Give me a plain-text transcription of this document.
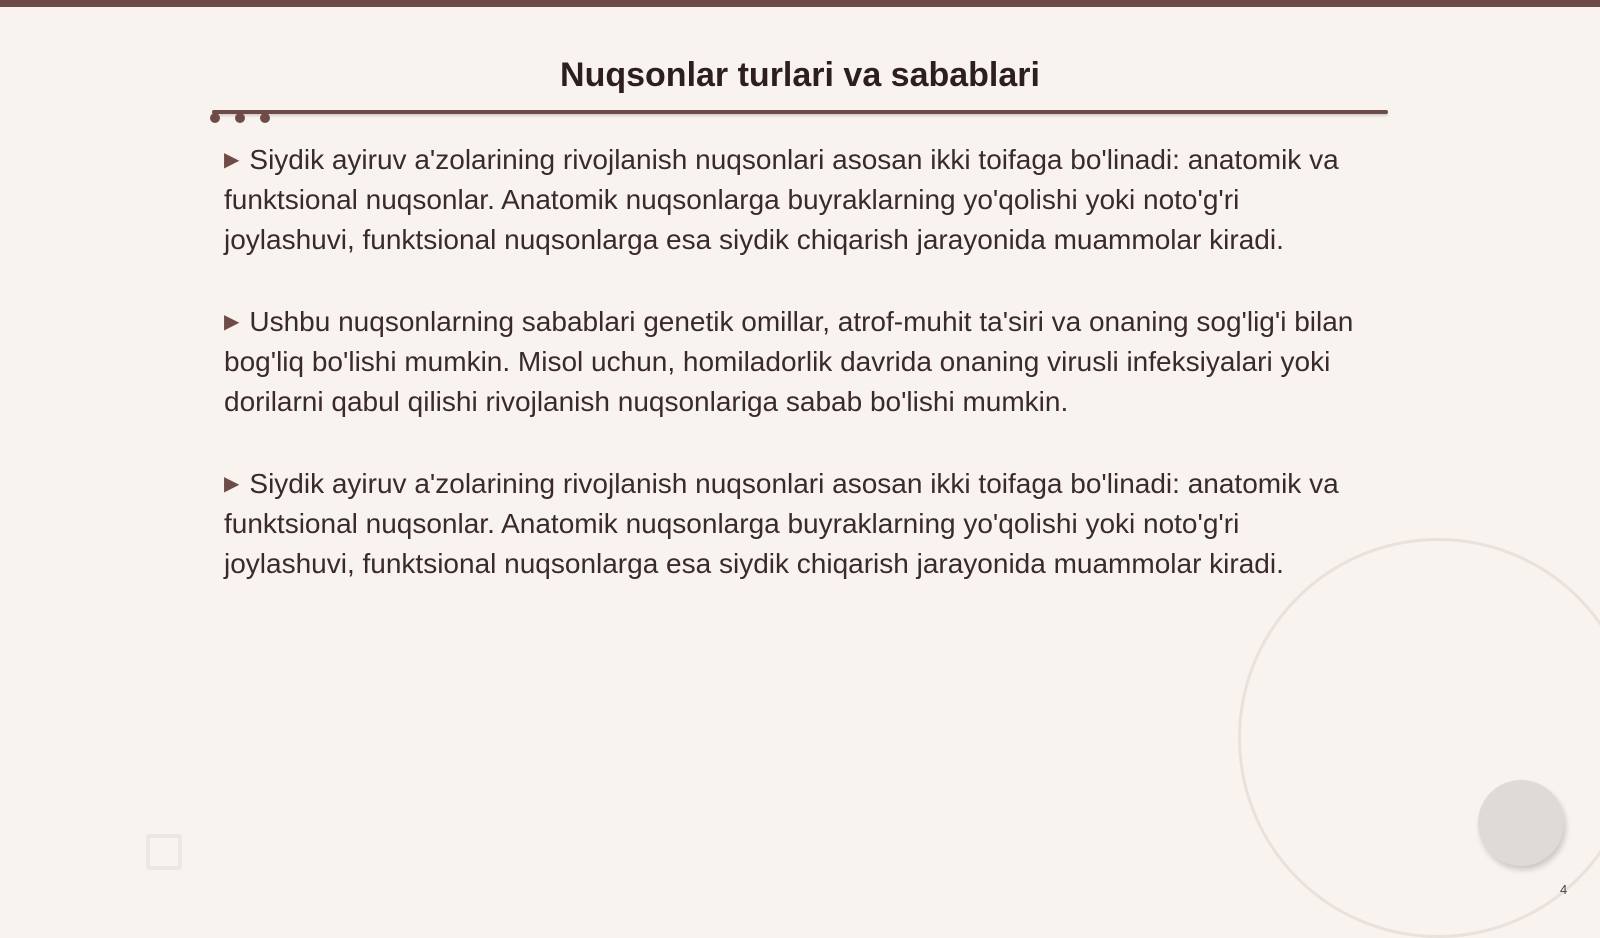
Nuqsonlar turlari va sabablari

▶ Siydik ayiruv a'zolarining rivojlanish nuqsonlari asosan ikki toifaga bo'linadi: anatomik va funktsional nuqsonlar. Anatomik nuqsonlarga buyraklarning yo'qolishi yoki noto'g'ri joylashuvi, funktsional nuqsonlarga esa siydik chiqarish jarayonida muammolar kiradi.

▶ Ushbu nuqsonlarning sabablari genetik omillar, atrof-muhit ta'siri va onaning sog'lig'i bilan bog'liq bo'lishi mumkin. Misol uchun, homiladorlik davrida onaning virusli infeksiyalari yoki dorilarni qabul qilishi rivojlanish nuqsonlariga sabab bo'lishi mumkin.

▶ Siydik ayiruv a'zolarining rivojlanish nuqsonlari asosan ikki toifaga bo'linadi: anatomik va funktsional nuqsonlar. Anatomik nuqsonlarga buyraklarning yo'qolishi yoki noto'g'ri joylashuvi, funktsional nuqsonlarga esa siydik chiqarish jarayonida muammolar kiradi.

4
